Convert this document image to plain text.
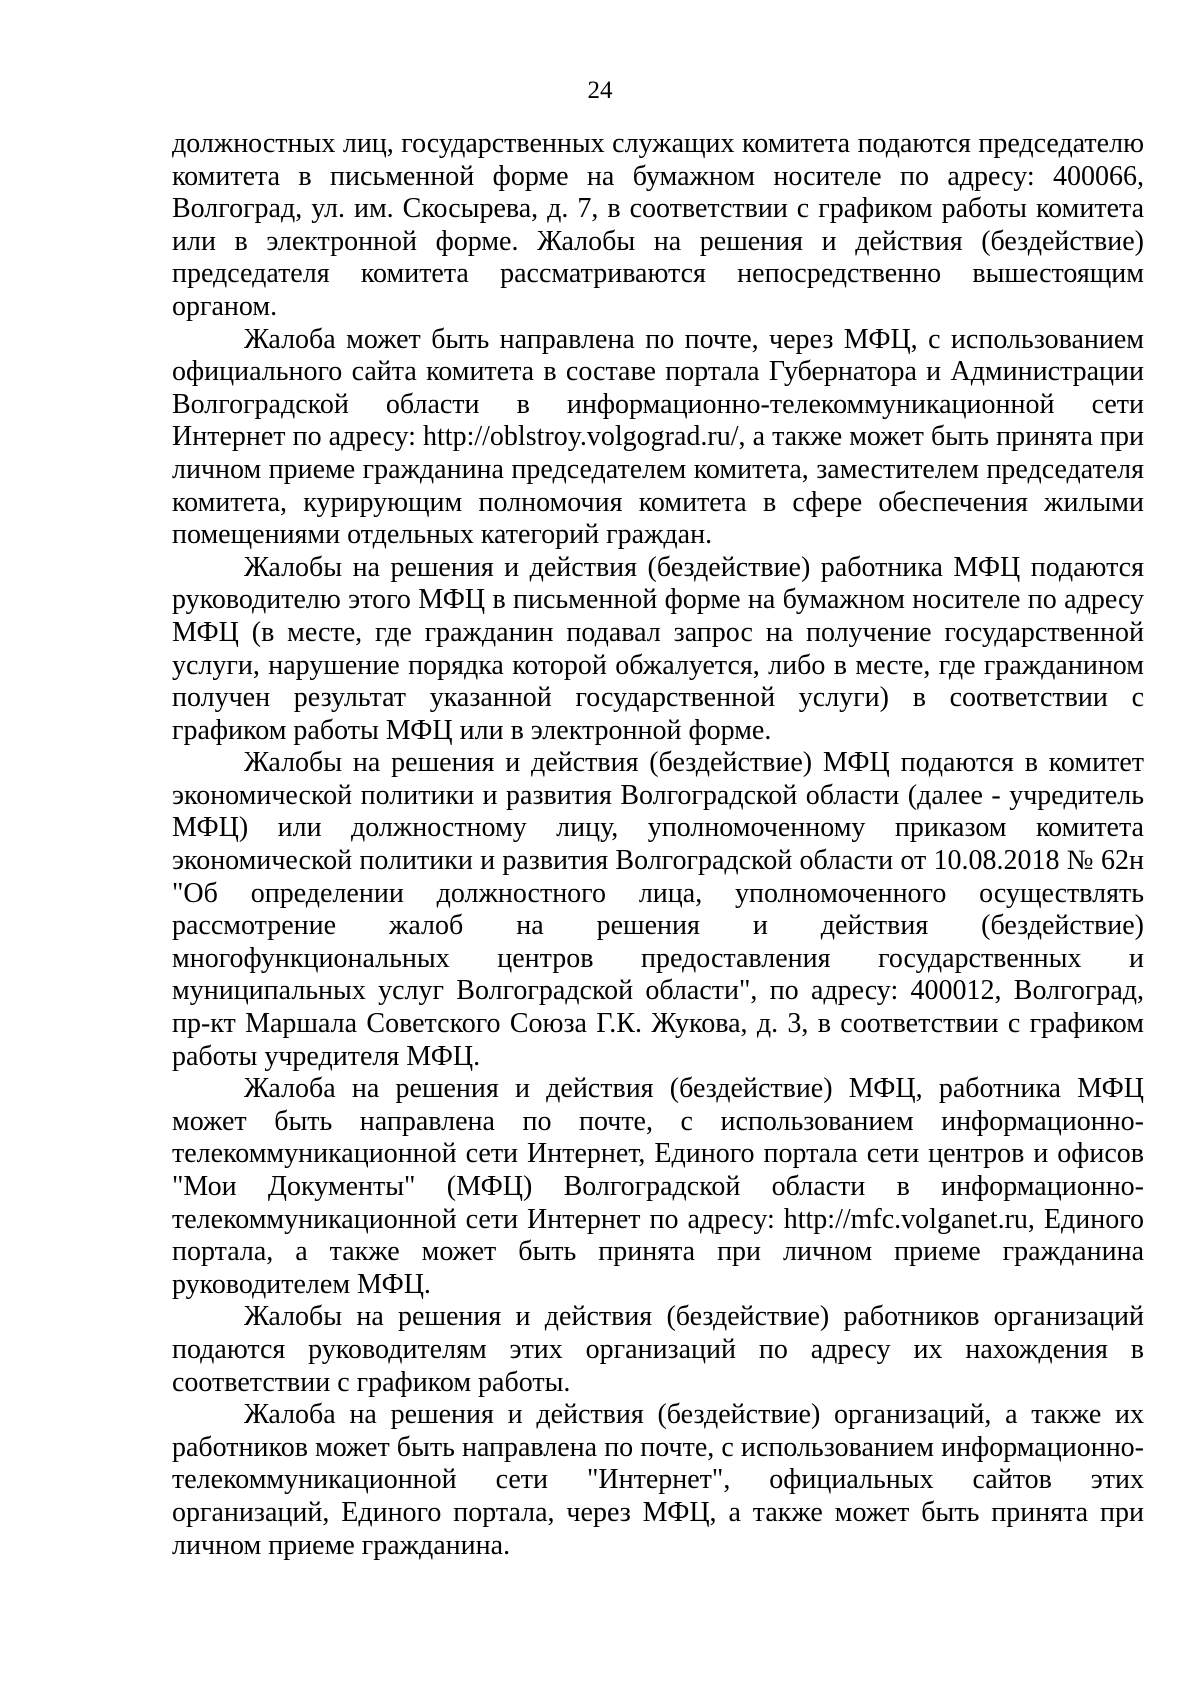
24

должностных лиц, государственных служащих комитета подаются председателю комитета в письменной форме на бумажном носителе по адресу: 400066, Волгоград, ул. им. Скосырева, д. 7, в соответствии с графиком работы комитета или в электронной форме. Жалобы на решения и действия (бездействие) председателя комитета рассматриваются непосредственно вышестоящим органом.

Жалоба может быть направлена по почте, через МФЦ, с использованием официального сайта комитета в составе портала Губернатора и Администрации Волгоградской области в информационно-телекоммуникационной сети Интернет по адресу: http://oblstroy.volgograd.ru/, а также может быть принята при личном приеме гражданина председателем комитета, заместителем председателя комитета, курирующим полномочия комитета в сфере обеспечения жилыми помещениями отдельных категорий граждан.

Жалобы на решения и действия (бездействие) работника МФЦ подаются руководителю этого МФЦ в письменной форме на бумажном носителе по адресу МФЦ (в месте, где гражданин подавал запрос на получение государственной услуги, нарушение порядка которой обжалуется, либо в месте, где гражданином получен результат указанной государственной услуги) в соответствии с графиком работы МФЦ или в электронной форме.

Жалобы на решения и действия (бездействие) МФЦ подаются в комитет экономической политики и развития Волгоградской области (далее - учредитель МФЦ) или должностному лицу, уполномоченному приказом комитета экономической политики и развития Волгоградской области от 10.08.2018 № 62н "Об определении должностного лица, уполномоченного осуществлять рассмотрение жалоб на решения и действия (бездействие) многофункциональных центров предоставления государственных и муниципальных услуг Волгоградской области", по адресу: 400012, Волгоград, пр-кт Маршала Советского Союза Г.К. Жукова, д. 3, в соответствии с графиком работы учредителя МФЦ.

Жалоба на решения и действия (бездействие) МФЦ, работника МФЦ может быть направлена по почте, с использованием информационно-телекоммуникационной сети Интернет, Единого портала сети центров и офисов "Мои Документы" (МФЦ) Волгоградской области в информационно-телекоммуникационной сети Интернет по адресу: http://mfc.volganet.ru, Единого портала, а также может быть принята при личном приеме гражданина руководителем МФЦ.

Жалобы на решения и действия (бездействие) работников организаций подаются руководителям этих организаций по адресу их нахождения в соответствии с графиком работы.

Жалоба на решения и действия (бездействие) организаций, а также их работников может быть направлена по почте, с использованием информационно-телекоммуникационной сети "Интернет", официальных сайтов этих организаций, Единого портала, через МФЦ, а также может быть принята при личном приеме гражданина.
